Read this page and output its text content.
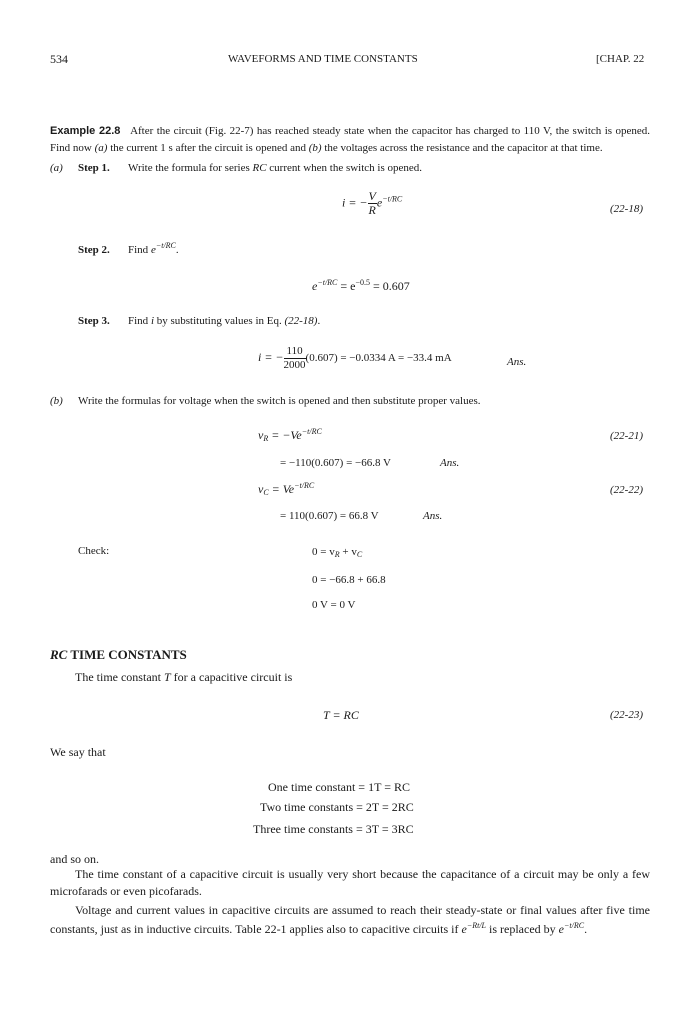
534	WAVEFORMS AND TIME CONSTANTS	[CHAP. 22
Example 22.8 After the circuit (Fig. 22-7) has reached steady state when the capacitor has charged to 110 V, the switch is opened. Find now (a) the current 1 s after the circuit is opened and (b) the voltages across the resistance and the capacitor at that time.
(a) Step 1. Write the formula for series RC current when the switch is opened.
i = − $\frac{V}{R} e^{-t/RC}$
(22-18)
Step 2. Find $e^{-t/RC}$.
$e^{-t/RC} = e^{-0.5} = 0.607$
Step 3. Find i by substituting values in Eq. (22-18).
i = − $\frac{110}{2000} (0.607) = -0.0334$ A = −33.4 mA	Ans.
(b) Write the formulas for voltage when the switch is opened and then substitute proper values.
$v_R = -Ve^{-t/RC}$	(22-21)
= −110(0.607) = −66.8 V	Ans.
$v_C = Ve^{-t/RC}$	(22-22)
= 110(0.607) = 66.8 V	Ans.
Check:	$0 = v_R + v_C$
0 = −66.8 + 66.8
0 V = 0 V
RC TIME CONSTANTS
The time constant T for a capacitive circuit is
T = RC	(22-23)
We say that
One time constant = 1T = RC
Two time constants = 2T = 2RC
Three time constants = 3T = 3RC
and so on.
The time constant of a capacitive circuit is usually very short because the capacitance of a circuit may be only a few microfarads or even picofarads.
Voltage and current values in capacitive circuits are assumed to reach their steady-state or final values after five time constants, just as in inductive circuits. Table 22-1 applies also to capacitive circuits if $e^{-Rt/L}$ is replaced by $e^{-t/RC}$.
